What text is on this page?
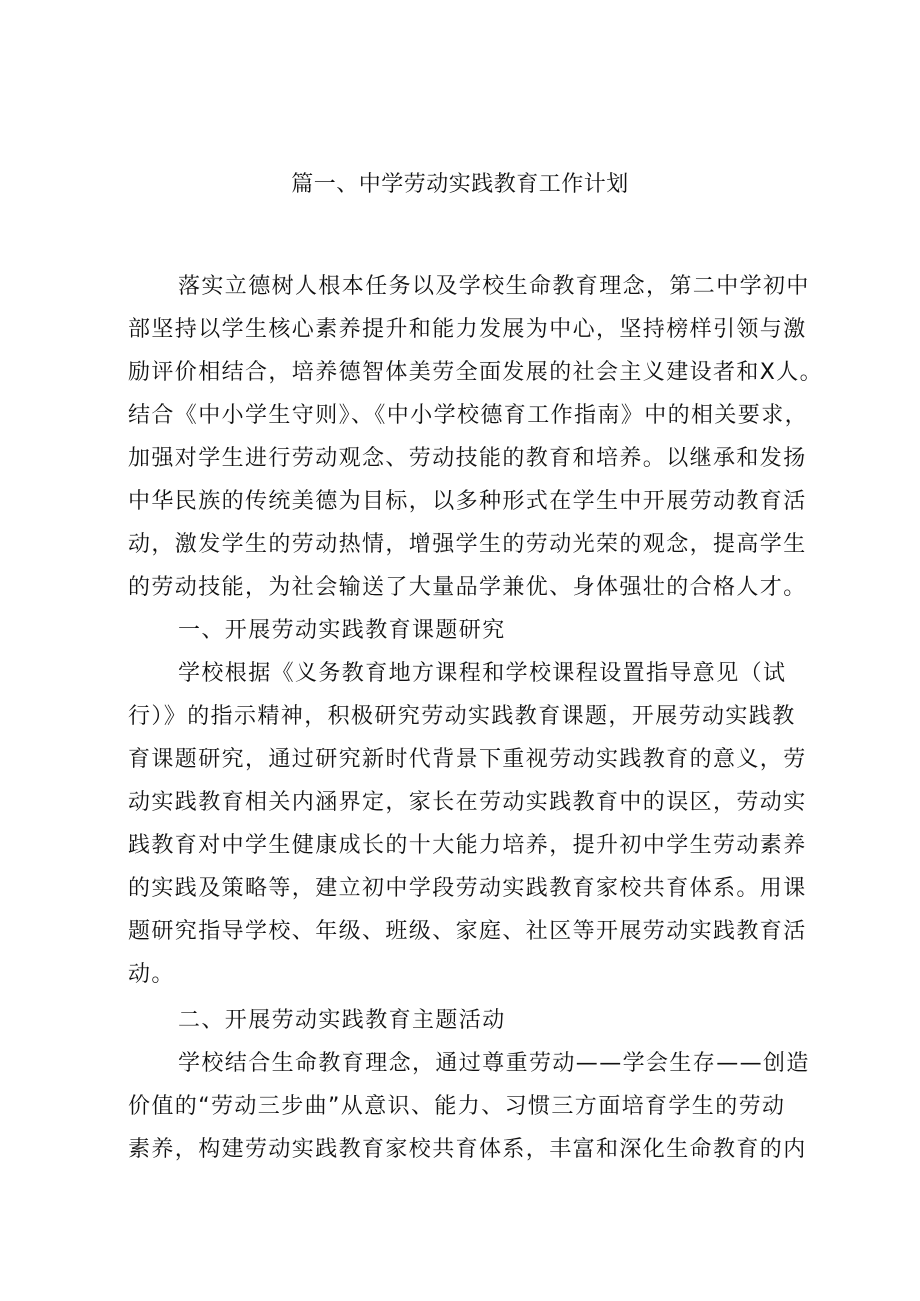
篇一、中学劳动实践教育工作计划
落实立德树人根本任务以及学校生命教育理念，第二中学初中
部坚持以学生核心素养提升和能力发展为中心，坚持榜样引领与激
励评价相结合，培养德智体美劳全面发展的社会主义建设者和X人。
结合《中小学生守则》、《中小学校德育工作指南》中的相关要求，
加强对学生进行劳动观念、劳动技能的教育和培养。以继承和发扬
中华民族的传统美德为目标，以多种形式在学生中开展劳动教育活
动，激发学生的劳动热情，增强学生的劳动光荣的观念，提高学生
的劳动技能，为社会输送了大量品学兼优、身体强壮的合格人才。
一、开展劳动实践教育课题研究
学校根据《义务教育地方课程和学校课程设置指导意见（试
行）》的指示精神，积极研究劳动实践教育课题，开展劳动实践教
育课题研究，通过研究新时代背景下重视劳动实践教育的意义，劳
动实践教育相关内涵界定，家长在劳动实践教育中的误区，劳动实
践教育对中学生健康成长的十大能力培养，提升初中学生劳动素养
的实践及策略等，建立初中学段劳动实践教育家校共育体系。用课
题研究指导学校、年级、班级、家庭、社区等开展劳动实践教育活
动。
二、开展劳动实践教育主题活动
学校结合生命教育理念，通过尊重劳动——学会生存——创造
价值的“劳动三步曲”从意识、能力、习惯三方面培育学生的劳动
素养，构建劳动实践教育家校共育体系，丰富和深化生命教育的内
